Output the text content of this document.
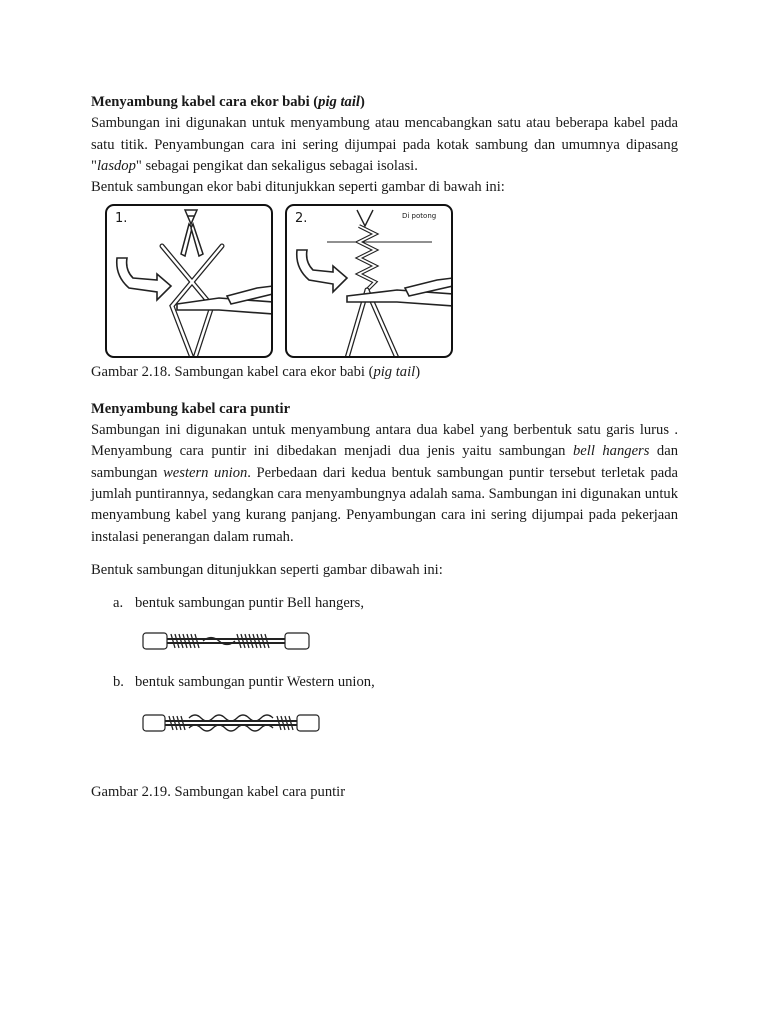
Menyambung kabel cara ekor babi (pig tail)

Sambungan ini digunakan untuk menyambung atau mencabangkan satu atau beberapa kabel pada satu titik. Penyambungan cara ini sering dijumpai pada kotak sambung dan umumnya dipasang "lasdop" sebagai pengikat dan sekaligus sebagai isolasi.

Bentuk sambungan ekor babi ditunjukkan seperti gambar di bawah ini:

1.	2.	Di potong

Gambar 2.18. Sambungan kabel cara ekor babi (pig tail)

Menyambung kabel cara puntir

Sambungan ini digunakan untuk menyambung antara dua kabel yang berbentuk satu garis lurus . Menyambung cara puntir ini dibedakan menjadi dua jenis yaitu sambungan bell hangers dan sambungan western union. Perbedaan dari kedua bentuk sambungan puntir tersebut terletak pada jumlah puntirannya, sedangkan cara menyambungnya adalah sama. Sambungan ini digunakan untuk menyambung kabel yang kurang panjang. Penyambungan cara ini sering dijumpai pada pekerjaan instalasi penerangan dalam rumah.

Bentuk sambungan ditunjukkan seperti gambar dibawah ini:

a. bentuk sambungan puntir Bell hangers,

b. bentuk sambungan puntir Western union,

Gambar 2.19. Sambungan kabel cara puntir
